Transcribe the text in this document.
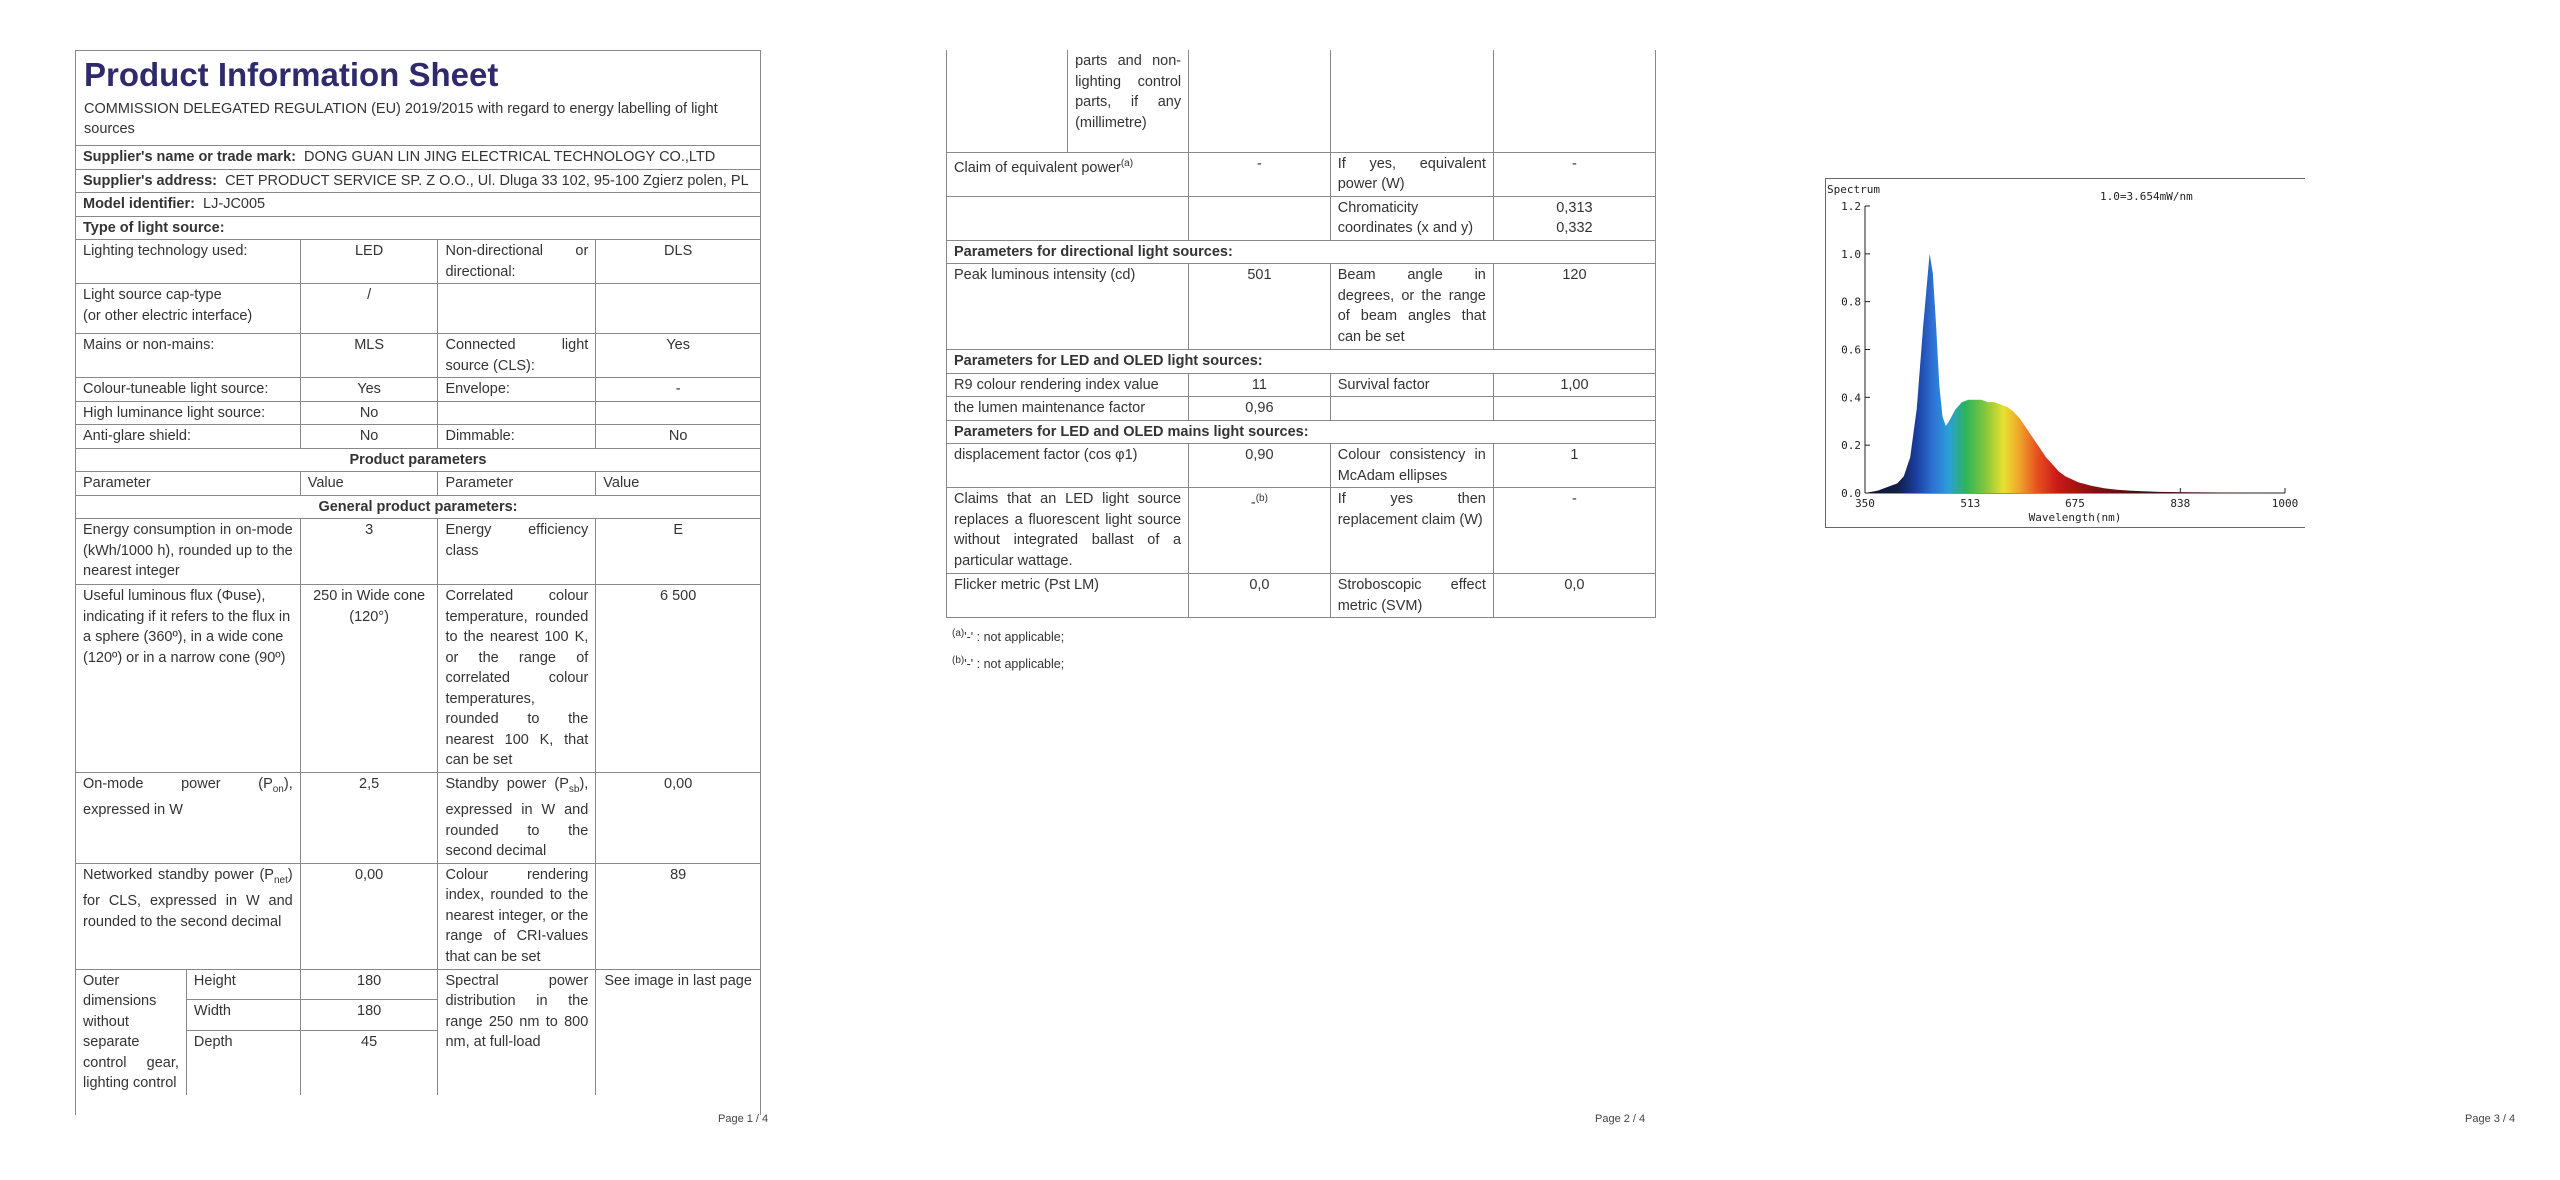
Product Information Sheet
COMMISSION DELEGATED REGULATION (EU) 2019/2015 with regard to energy labelling of light sources
Supplier's name or trade mark: DONG GUAN LIN JING ELECTRICAL TECHNOLOGY CO.,LTD				
Supplier's address: CET PRODUCT SERVICE SP. Z O.O., Ul. Dluga 33 102, 95-100 Zgierz polen, PL				
Model identifier: LJ-JC005				
Type of light source:				
Lighting technology used:		LED	Non-directional or directional:	DLS
Light source cap-type
(or other electric interface)		/		
Mains or non-mains:		MLS	Connected light source (CLS):	Yes
Colour-tuneable light source:		Yes	Envelope:	-
High luminance light source:		No		
Anti-glare shield:		No	Dimmable:	No
Product parameters				
Parameter		Value	Parameter	Value
General product parameters:				
Energy consumption in on-mode (kWh/1000 h), rounded up to the nearest integer		3	Energy efficiency class	E
Useful luminous flux (Φuse), indicating if it refers to the flux in a sphere (360º), in a wide cone (120º) or in a narrow cone (90º)		250 in Wide cone (120°)	Correlated colour temperature, rounded to the nearest 100 K, or the range of correlated colour temperatures, rounded to the nearest 100 K, that can be set	6 500
On-mode power $(P_{on})$, expressed in W		2,5	Standby power $(P_{sb})$, expressed in W and rounded to the second decimal	0,00
Networked standby power $(P_{net})$ for CLS, expressed in W and rounded to the second decimal		0,00	Colour rendering index, rounded to the nearest integer, or the range of CRI-values that can be set	89
Outer dimensions without separate control gear, lighting control	Height	180	Spectral power distribution in the range 250 nm to 800 nm, at full-load	See image in last page
	Width	180		
	Depth	45		
Page 1 / 4
	parts and non-lighting control parts, if any (millimetre)			
Claim of equivalent power$^{(a)}$		-	If yes, equivalent power (W)	-
			Chromaticity coordinates (x and y)	0,313
0,332
Parameters for directional light sources:				
Peak luminous intensity (cd)		501	Beam angle in degrees, or the range of beam angles that can be set	120
Parameters for LED and OLED light sources:				
R9 colour rendering index value		11	Survival factor	1,00
the lumen maintenance factor		0,96		
Parameters for LED and OLED mains light sources:				
displacement factor (cos φ1)		0,90	Colour consistency in McAdam ellipses	1
Claims that an LED light source replaces a fluorescent light source without integrated ballast of a particular wattage.		-$^{(b)}$	If yes then replacement claim (W)	-
Flicker metric (Pst LM)		0,0	Stroboscopic effect metric (SVM)	0,0
$^{(a)}$'-' : not applicable;
$^{(b)}$'-' : not applicable;
Page 2 / 4
Spectrum
1.0=3.654mW/nm
0.0
0.2
0.4
0.6
0.8
1.0
1.2
350	513	675	838	1000
Wavelength(nm)
Page 3 / 4
